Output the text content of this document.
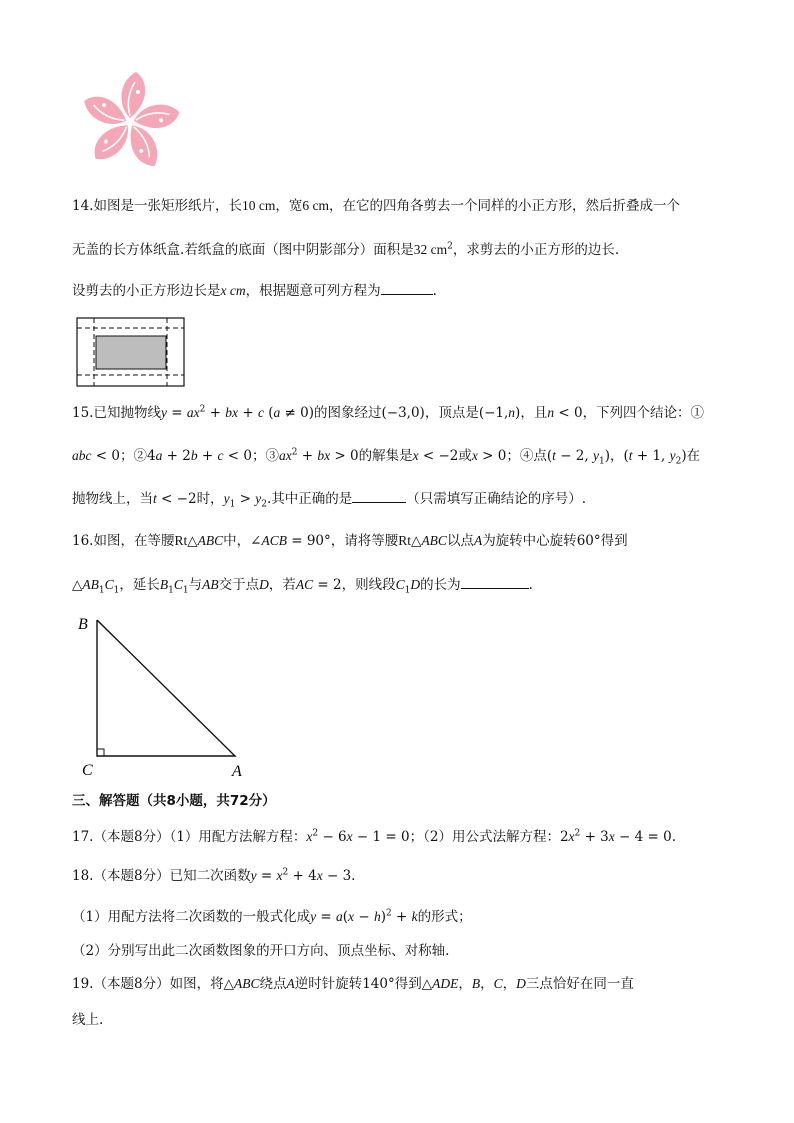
14.如图是一张矩形纸片，长10 cm，宽6 cm，在它的四角各剪去一个同样的小正方形，然后折叠成一个
无盖的长方体纸盒.若纸盒的底面（图中阴影部分）面积是32 $cm^2$，求剪去的小正方形的边长.
设剪去的小正方形边长是x cm，根据题意可列方程为	.
15.已知抛物线$y = ax^2$ + bx + c (a ≠ 0)的图象经过(−3,0)，顶点是(−1,n)，且n < 0，下列四个结论：①
abc < 0；②4a + 2b + c < 0；$③ax^2$ + bx > 0的解集是x < −2或x > 0；④点(t − 2, $y_1$)，(t + 1, $y_2$)在
抛物线上，当t < −2时，$y_1 > y_2$.其中正确的是	（只需填写正确结论的序号）.
16.如图，在等腰Rt△ABC中，∠ACB = 90°，请将等腰Rt△ABC以点A为旋转中心旋转60°得到
$\triangle AB_1C_1$，延长$B_1C_1$与AB交于点D，若AC = 2，则线段$C_1D$的长为	.
B
C	A
三、解答题（共8小题，共72分）
17.（本题8分）（1）用配方法解方程：$x^2 - 6x - 1 = 0$；（2）用公式法解方程：$2x^2 + 3x - 4 = 0$.
18.（本题8分）已知二次函数$y = x^2 + 4x - 3$.
（1）用配方法将二次函数的一般式化成$y = a(x - h)^2 + k$的形式；
（2）分别写出此二次函数图象的开口方向、顶点坐标、对称轴.
19.（本题8分）如图，将△ABC绕点A逆时针旋转140°得到△ADE，B，C，D三点恰好在同一直
线上.
